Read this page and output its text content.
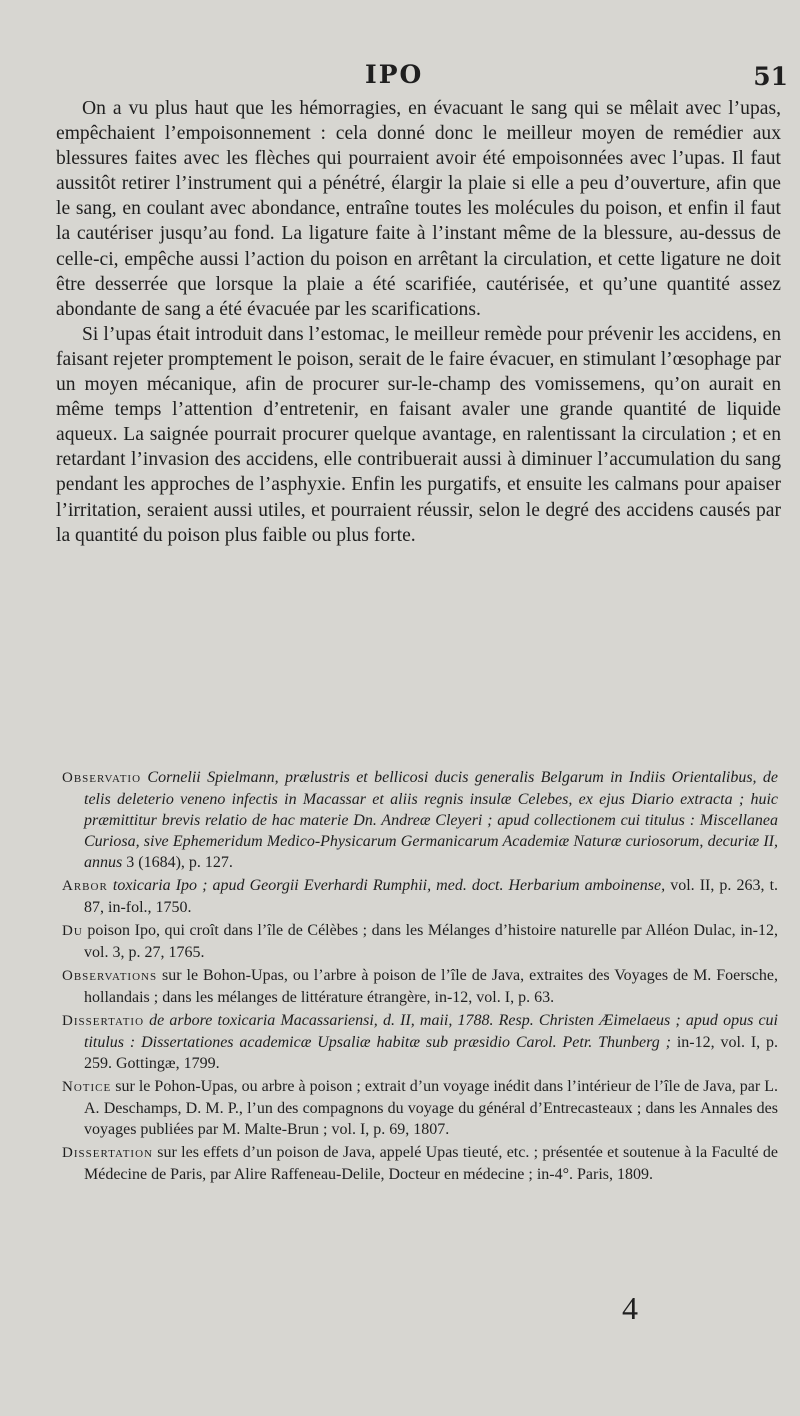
IPO	51

On a vu plus haut que les hémorragies, en évacuant le sang qui se mêlait avec l’upas, empêchaient l’empoisonnement : cela donné donc le meilleur moyen de remédier aux blessures faites avec les flèches qui pourraient avoir été empoisonnées avec l’upas. Il faut aussitôt retirer l’instrument qui a pénétré, élargir la plaie si elle a peu d’ouverture, afin que le sang, en coulant avec abondance, entraîne toutes les molécules du poison, et enfin il faut la cautériser jusqu’au fond. La ligature faite à l’instant même de la blessure, au-dessus de celle-ci, empêche aussi l’action du poison en arrêtant la circulation, et cette ligature ne doit être desserrée que lorsque la plaie a été scarifiée, cautérisée, et qu’une quantité assez abondante de sang a été évacuée par les scarifications.

Si l’upas était introduit dans l’estomac, le meilleur remède pour prévenir les accidens, en faisant rejeter promptement le poison, serait de le faire évacuer, en stimulant l’œsophage par un moyen mécanique, afin de procurer sur-le-champ des vomissemens, qu’on aurait en même temps l’attention d’entretenir, en faisant avaler une grande quantité de liquide aqueux. La saignée pourrait procurer quelque avantage, en ralentissant la circulation ; et en retardant l’invasion des accidens, elle contribuerait aussi à diminuer l’accumulation du sang pendant les approches de l’asphyxie. Enfin les purgatifs, et ensuite les calmans pour apaiser l’irritation, seraient aussi utiles, et pourraient réussir, selon le degré des accidens causés par la quantité du poison plus faible ou plus forte.

Observatio Cornelii Spielmann, prælustris et bellicosi ducis generalis Belgarum in Indiis Orientalibus, de telis deleterio veneno infectis in Macassar et aliis regnis insulæ Celebes, ex ejus Diario extracta ; huic præmittitur brevis relatio de hac materie Dn. Andreæ Cleyeri ; apud collectionem cui titulus : Miscellanea Curiosa, sive Ephemeridum Medico-Physicarum Germanicarum Academiæ Naturæ curiosorum, decuriæ II, annus 3 (1684), p. 127.

Arbor toxicaria Ipo ; apud Georgii Everhardi Rumphii, med. doct. Herbarium amboinense, vol. II, p. 263, t. 87, in-fol., 1750.

Du poison Ipo, qui croît dans l’île de Célèbes ; dans les Mélanges d’histoire naturelle par Alléon Dulac, in-12, vol. 3, p. 27, 1765.

Observations sur le Bohon-Upas, ou l’arbre à poison de l’île de Java, extraites des Voyages de M. Foersche, hollandais ; dans les mélanges de littérature étrangère, in-12, vol. I, p. 63.

Dissertatio de arbore toxicaria Macassariensi, d. II, maii, 1788. Resp. Christen Æimelaeus ; apud opus cui titulus : Dissertationes academicæ Upsaliæ habitæ sub præsidio Carol. Petr. Thunberg ; in-12, vol. I, p. 259. Gottingæ, 1799.

Notice sur le Pohon-Upas, ou arbre à poison ; extrait d’un voyage inédit dans l’intérieur de l’île de Java, par L. A. Deschamps, D. M. P., l’un des compagnons du voyage du général d’Entrecasteaux ; dans les Annales des voyages publiées par M. Malte-Brun ; vol. I, p. 69, 1807.

Dissertation sur les effets d’un poison de Java, appelé Upas tieuté, etc. ; présentée et soutenue à la Faculté de Médecine de Paris, par Alire Raffeneau-Delile, Docteur en médecine ; in-4°. Paris, 1809.

4
